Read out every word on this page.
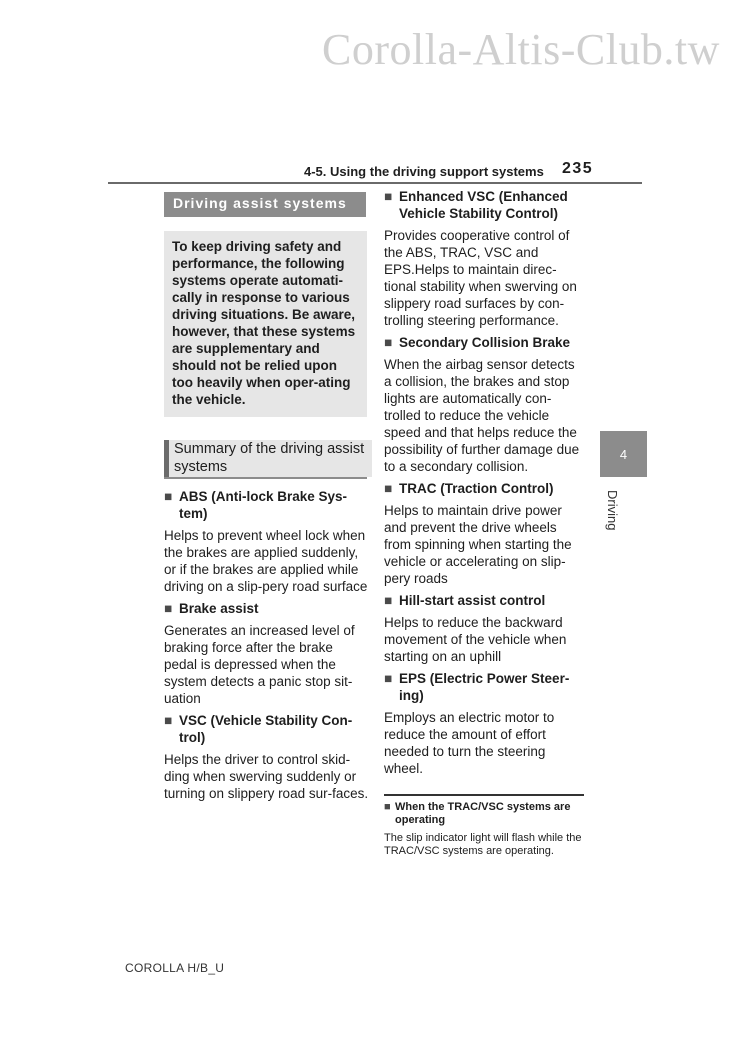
Corolla-Altis-Club.tw
4-5. Using the driving support systems 235
Driving assist systems
To keep driving safety and performance, the following systems operate automati-cally in response to various driving situations. Be aware, however, that these systems are supplementary and should not be relied upon too heavily when oper-ating the vehicle.
Summary of the driving assist systems
■ ABS (Anti-lock Brake Sys-tem)

Helps to prevent wheel lock when the brakes are applied suddenly, or if the brakes are applied while driving on a slip-pery road surface

■ Brake assist

Generates an increased level of braking force after the brake pedal is depressed when the system detects a panic stop sit-uation

■ VSC (Vehicle Stability Con-trol)

Helps the driver to control skid-ding when swerving suddenly or turning on slippery road sur-faces.

■ Enhanced VSC (Enhanced Vehicle Stability Control)

Provides cooperative control of the ABS, TRAC, VSC and EPS.Helps to maintain direc-tional stability when swerving on slippery road surfaces by con-trolling steering performance.

■ Secondary Collision Brake

When the airbag sensor detects a collision, the brakes and stop lights are automatically con-trolled to reduce the vehicle speed and that helps reduce the possibility of further damage due to a secondary collision.

■ TRAC (Traction Control)

Helps to maintain drive power and prevent the drive wheels from spinning when starting the vehicle or accelerating on slip-pery roads

■ Hill-start assist control

Helps to reduce the backward movement of the vehicle when starting on an uphill

■ EPS (Electric Power Steer-ing)

Employs an electric motor to reduce the amount of effort needed to turn the steering wheel.

■ When the TRAC/VSC systems are operating

The slip indicator light will flash while the TRAC/VSC systems are operating.

4
Driving
COROLLA H/B_U
